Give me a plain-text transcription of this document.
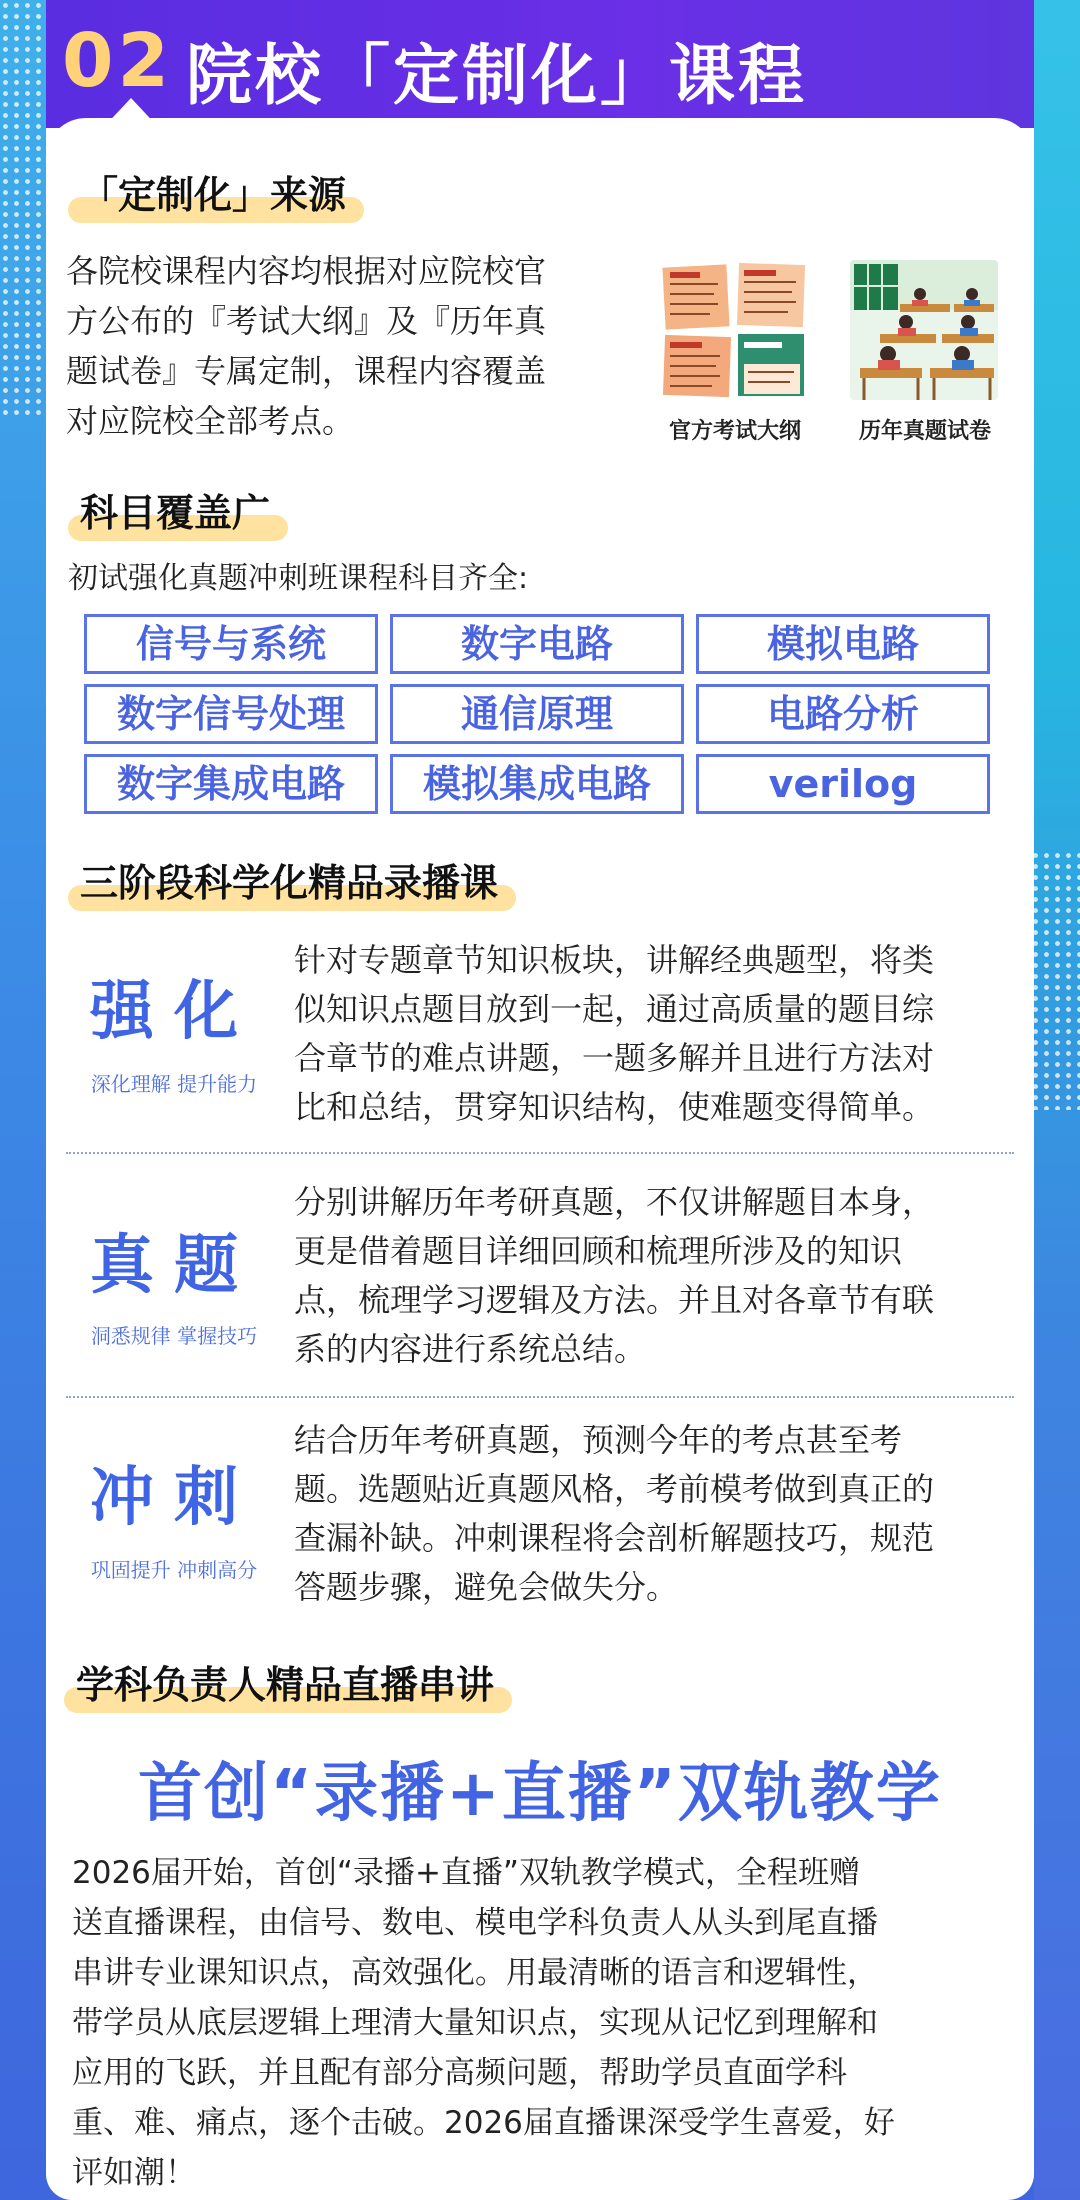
02 院校「定制化」课程
「定制化」来源
各院校课程内容均根据对应院校官
方公布的『考试大纲』及『历年真
题试卷』专属定制，课程内容覆盖
对应院校全部考点。	官方考试大纲	历年真题试卷
科目覆盖广
初试强化真题冲刺班课程科目齐全:
信号与系统	数字电路	模拟电路
数字信号处理	通信原理	电路分析
数字集成电路	模拟集成电路	verilog
三阶段科学化精品录播课
强化
深化理解 提升能力
针对专题章节知识板块，讲解经典题型，将类
似知识点题目放到一起，通过高质量的题目综
合章节的难点讲题，一题多解并且进行方法对
比和总结，贯穿知识结构，使难题变得简单。
真题
洞悉规律 掌握技巧
分别讲解历年考研真题，不仅讲解题目本身，
更是借着题目详细回顾和梳理所涉及的知识
点，梳理学习逻辑及方法。并且对各章节有联
系的内容进行系统总结。
冲刺
巩固提升 冲刺高分
结合历年考研真题，预测今年的考点甚至考
题。选题贴近真题风格，考前模考做到真正的
查漏补缺。冲刺课程将会剖析解题技巧，规范
答题步骤，避免会做失分。
学科负责人精品直播串讲
首创“录播+直播”双轨教学
2026届开始，首创“录播+直播”双轨教学模式，全程班赠
送直播课程，由信号、数电、模电学科负责人从头到尾直播
串讲专业课知识点，高效强化。用最清晰的语言和逻辑性，
带学员从底层逻辑上理清大量知识点，实现从记忆到理解和
应用的飞跃，并且配有部分高频问题，帮助学员直面学科
重、难、痛点，逐个击破。2026届直播课深受学生喜爱，好
评如潮！
